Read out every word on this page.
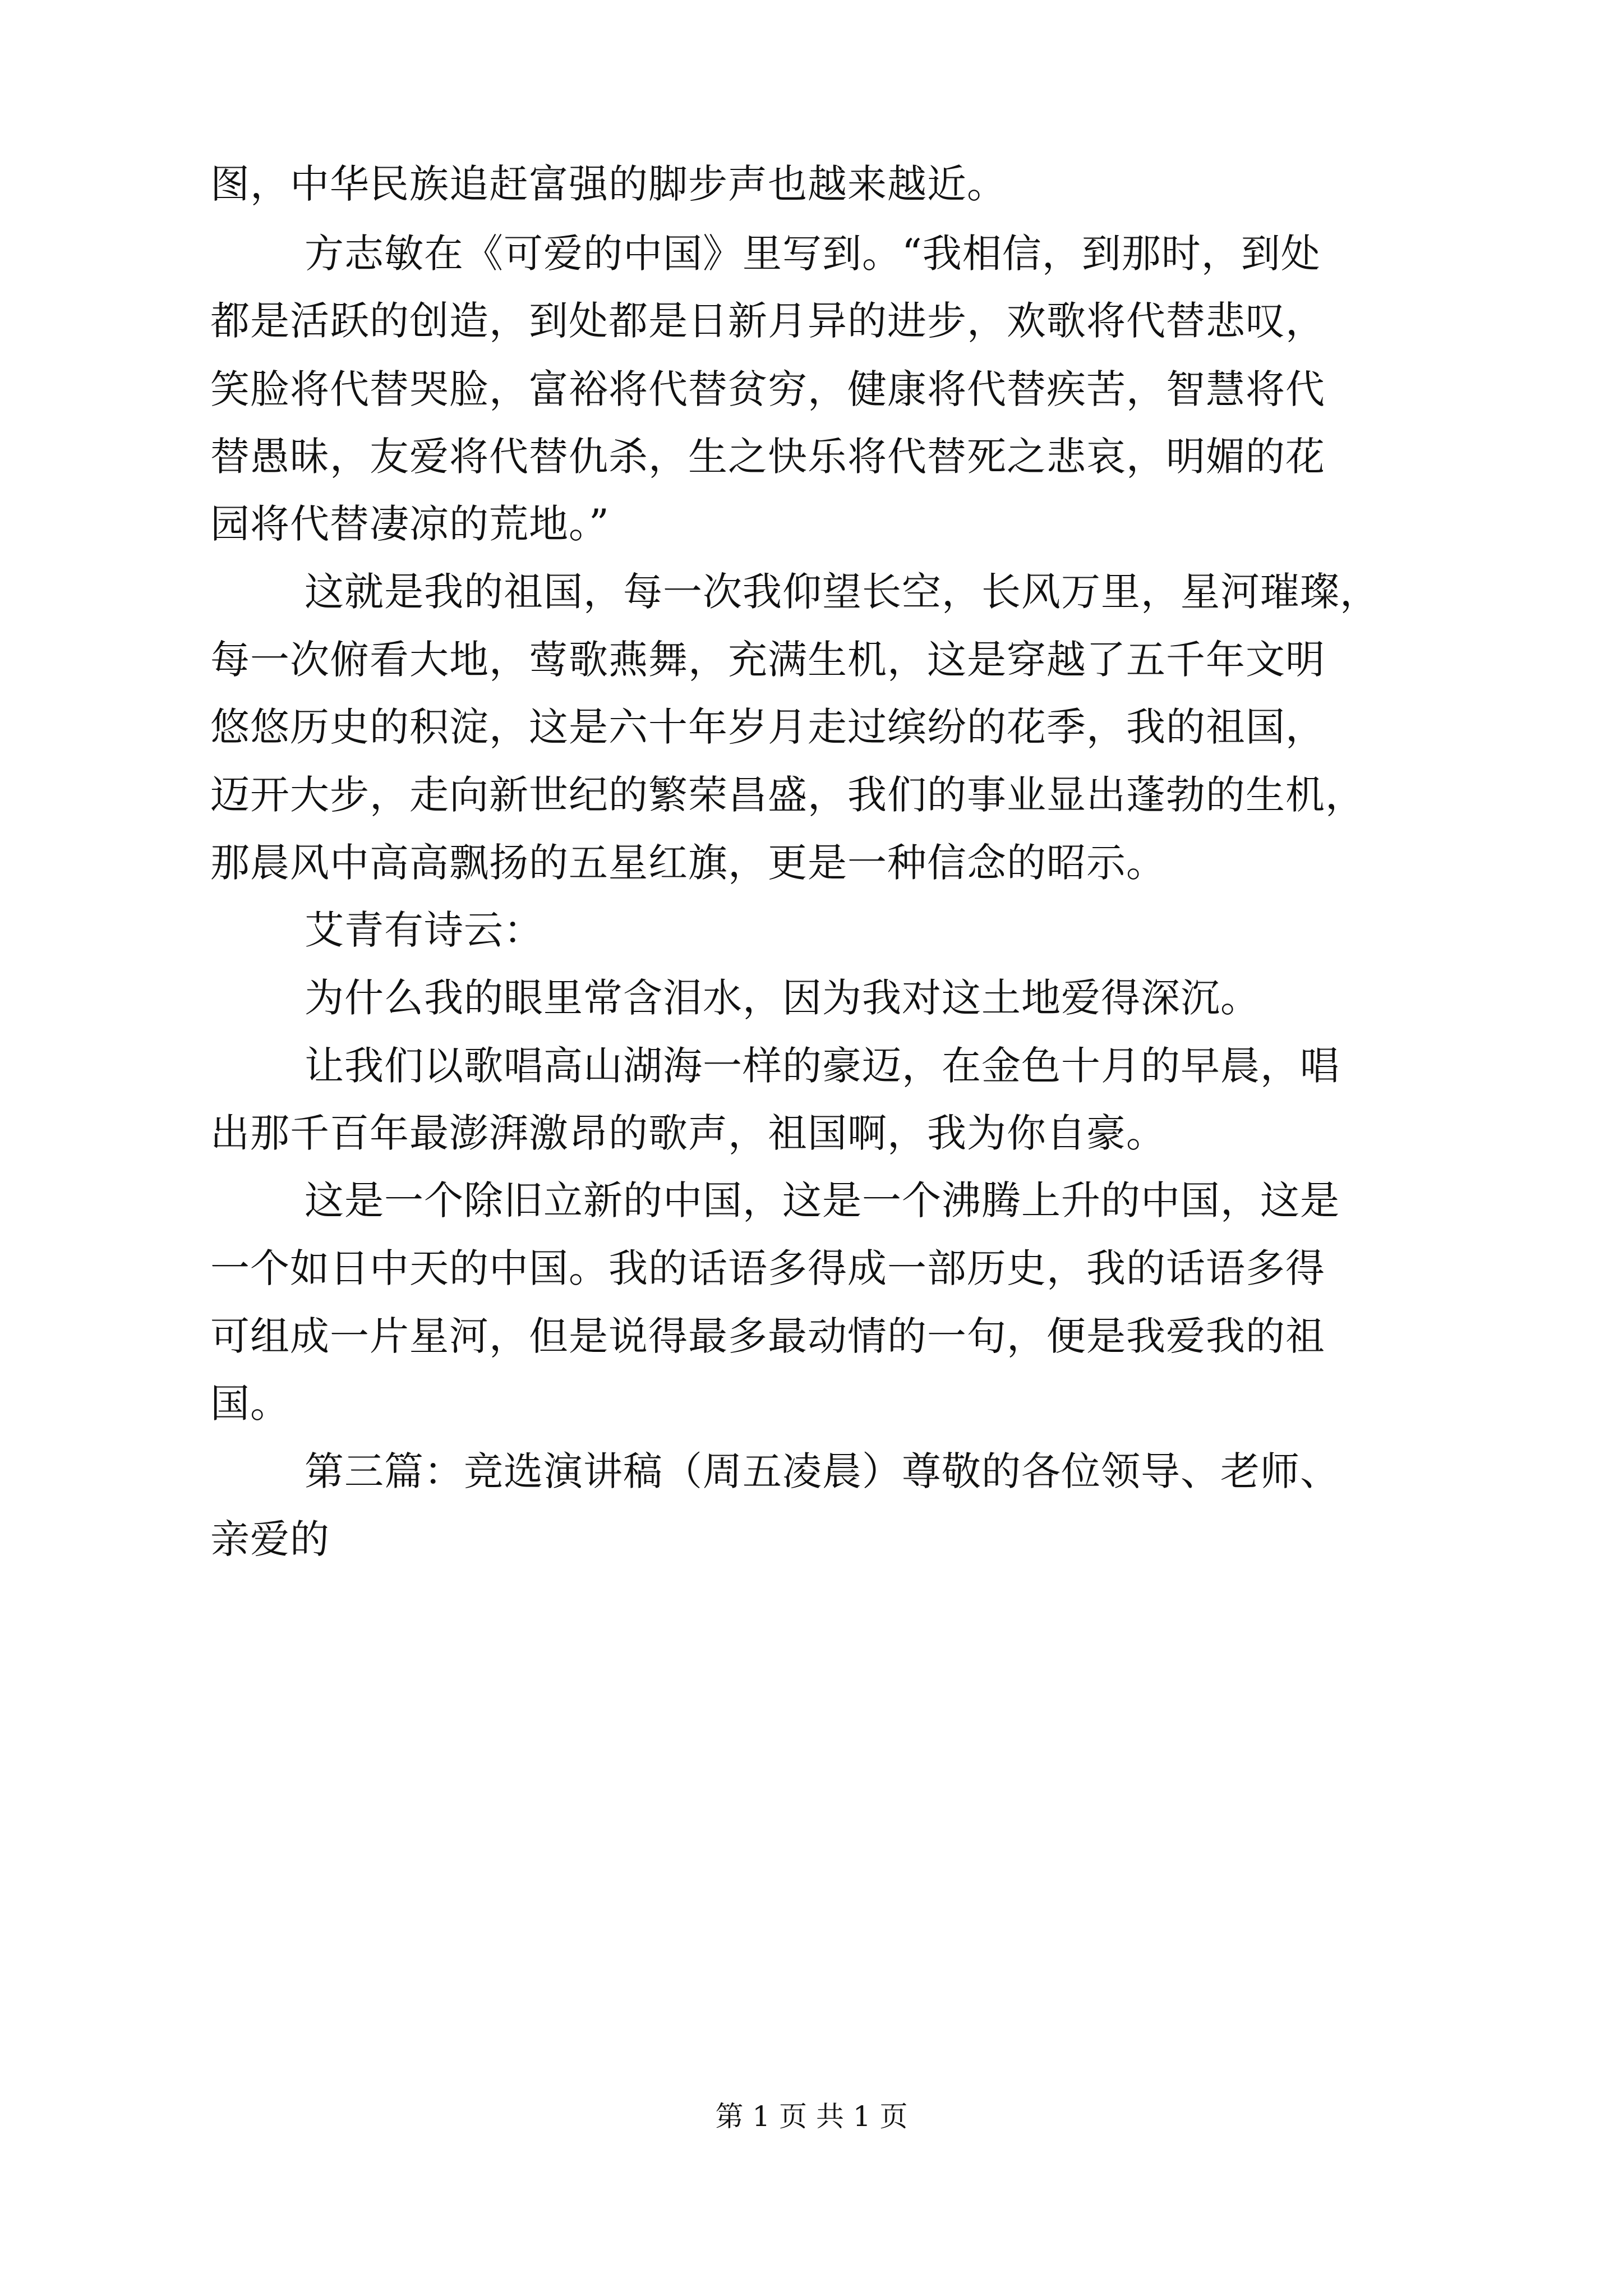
图，中华民族追赶富强的脚步声也越来越近。
方志敏在《可爱的中国》里写到。“我相信，到那时，到处
都是活跃的创造，到处都是日新月异的进步，欢歌将代替悲叹，
笑脸将代替哭脸，富裕将代替贫穷，健康将代替疾苦，智慧将代
替愚昧，友爱将代替仇杀，生之快乐将代替死之悲哀，明媚的花
园将代替凄凉的荒地。”
这就是我的祖国，每一次我仰望长空，长风万里，星河璀璨，
每一次俯看大地，莺歌燕舞，充满生机，这是穿越了五千年文明
悠悠历史的积淀，这是六十年岁月走过缤纷的花季，我的祖国，
迈开大步，走向新世纪的繁荣昌盛，我们的事业显出蓬勃的生机，
那晨风中高高飘扬的五星红旗，更是一种信念的昭示。
艾青有诗云：
为什么我的眼里常含泪水，因为我对这土地爱得深沉。
让我们以歌唱高山湖海一样的豪迈，在金色十月的早晨，唱
出那千百年最澎湃激昂的歌声，祖国啊，我为你自豪。
这是一个除旧立新的中国，这是一个沸腾上升的中国，这是
一个如日中天的中国。我的话语多得成一部历史，我的话语多得
可组成一片星河，但是说得最多最动情的一句，便是我爱我的祖
国。
第三篇：竞选演讲稿（周五凌晨）尊敬的各位领导、老师、
亲爱的
第 1 页 共 1 页
